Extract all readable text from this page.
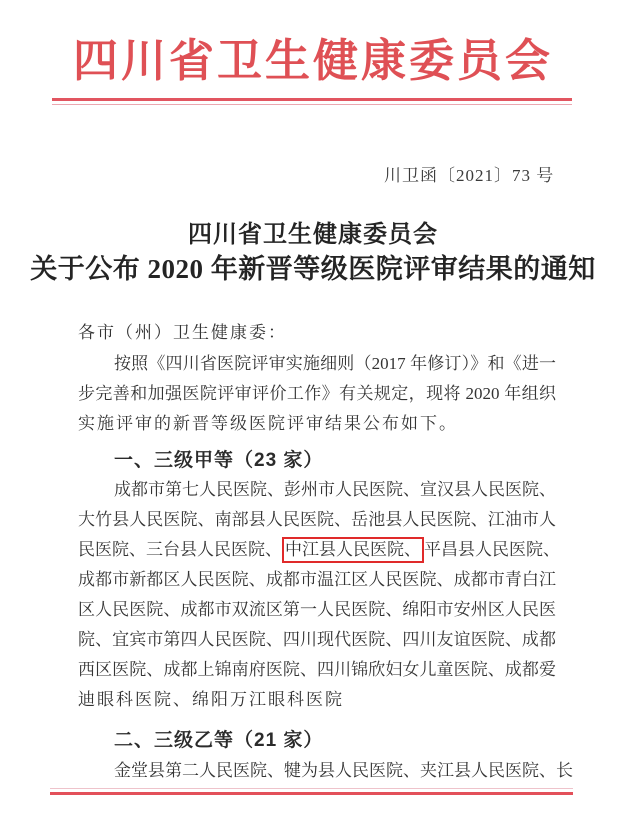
四川省卫生健康委员会
川卫函〔2021〕73 号
四川省卫生健康委员会
关于公布 2020 年新晋等级医院评审结果的通知
各市（州）卫生健康委：
按照《四川省医院评审实施细则（2017 年修订）》和《进一
步完善和加强医院评审评价工作》有关规定，现将 2020 年组织
实施评审的新晋等级医院评审结果公布如下。
一、三级甲等（23 家）
成都市第七人民医院、彭州市人民医院、宣汉县人民医院、
大竹县人民医院、南部县人民医院、岳池县人民医院、江油市人
民医院、三台县人民医院、 中江县人民医院、 平昌县人民医院、
成都市新都区人民医院、成都市温江区人民医院、成都市青白江
区人民医院、成都市双流区第一人民医院、绵阳市安州区人民医
院、宜宾市第四人民医院、四川现代医院、四川友谊医院、成都
西区医院、成都上锦南府医院、四川锦欣妇女儿童医院、成都爱
迪眼科医院、绵阳万江眼科医院
二、三级乙等（21 家）
金堂县第二人民医院、犍为县人民医院、夹江县人民医院、长
